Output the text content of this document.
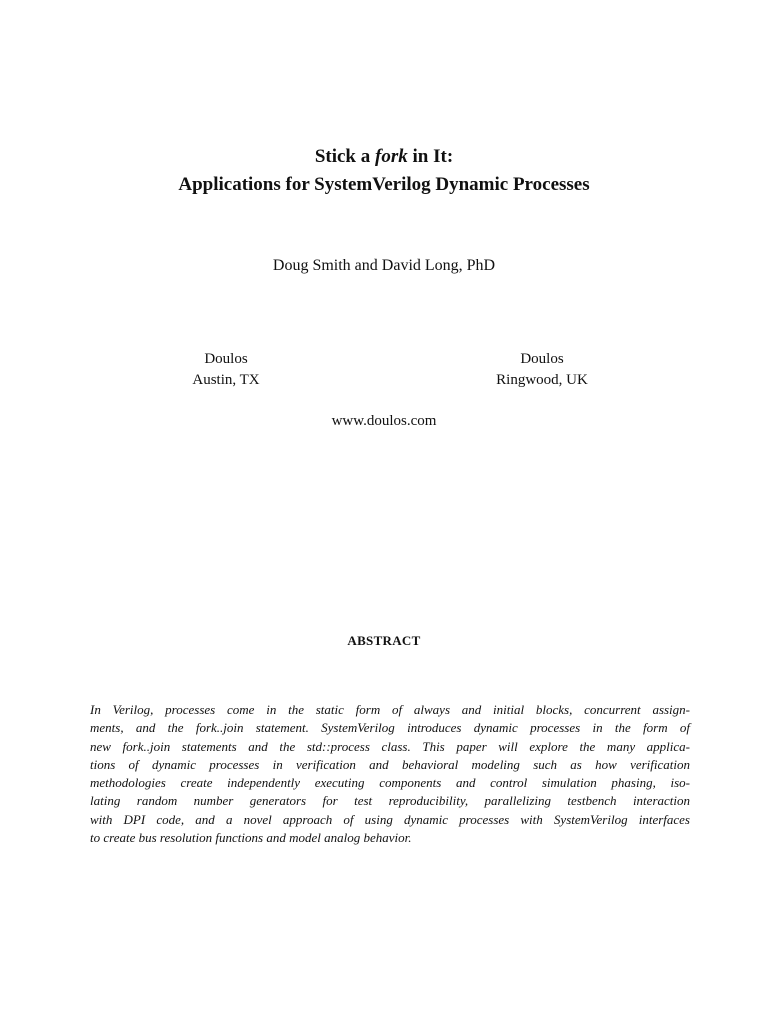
Stick a fork in It:
Applications for SystemVerilog Dynamic Processes
Doug Smith and David Long, PhD
Doulos
Austin, TX
Doulos
Ringwood, UK
www.doulos.com
ABSTRACT
In Verilog, processes come in the static form of always and initial blocks, concurrent assign-
ments, and the fork..join statement. SystemVerilog introduces dynamic processes in the form of
new fork..join statements and the std::process class. This paper will explore the many applica-
tions of dynamic processes in verification and behavioral modeling such as how verification
methodologies create independently executing components and control simulation phasing, iso-
lating random number generators for test reproducibility, parallelizing testbench interaction
with DPI code, and a novel approach of using dynamic processes with SystemVerilog interfaces
to create bus resolution functions and model analog behavior.
